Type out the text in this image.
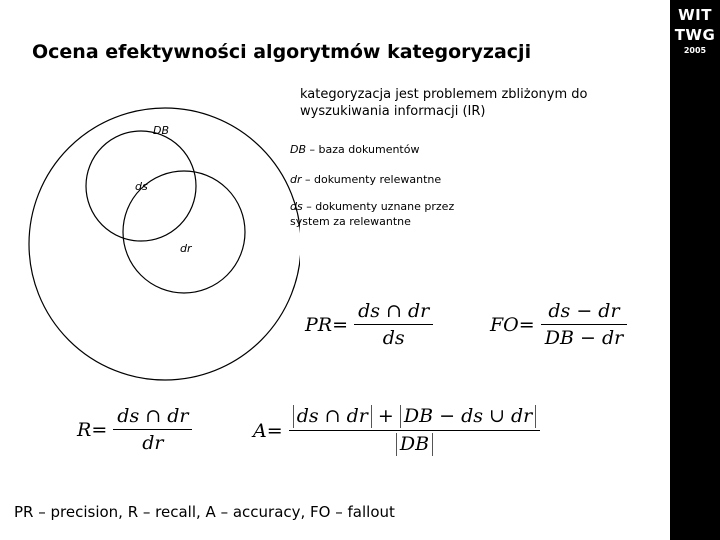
WIT
TWG
2005
Ocena efektywności algorytmów kategoryzacji
kategoryzacja jest problemem zbliżonym do wyszukiwania informacji (IR)
DB
ds
dr
DB – baza dokumentów
dr – dokumenty relewantne
ds – dokumenty uznane przez system za relewantne
$PR= \frac{ds \cap dr}{ds}$	$FO= \frac{ds - dr}{DB - dr}$
$R= \frac{ds \cap dr}{dr}$	$A= \frac{ds \cap dr + DB - ds \cup dr}{DB}$
PR – precision, R – recall, A – accuracy, FO – fallout
